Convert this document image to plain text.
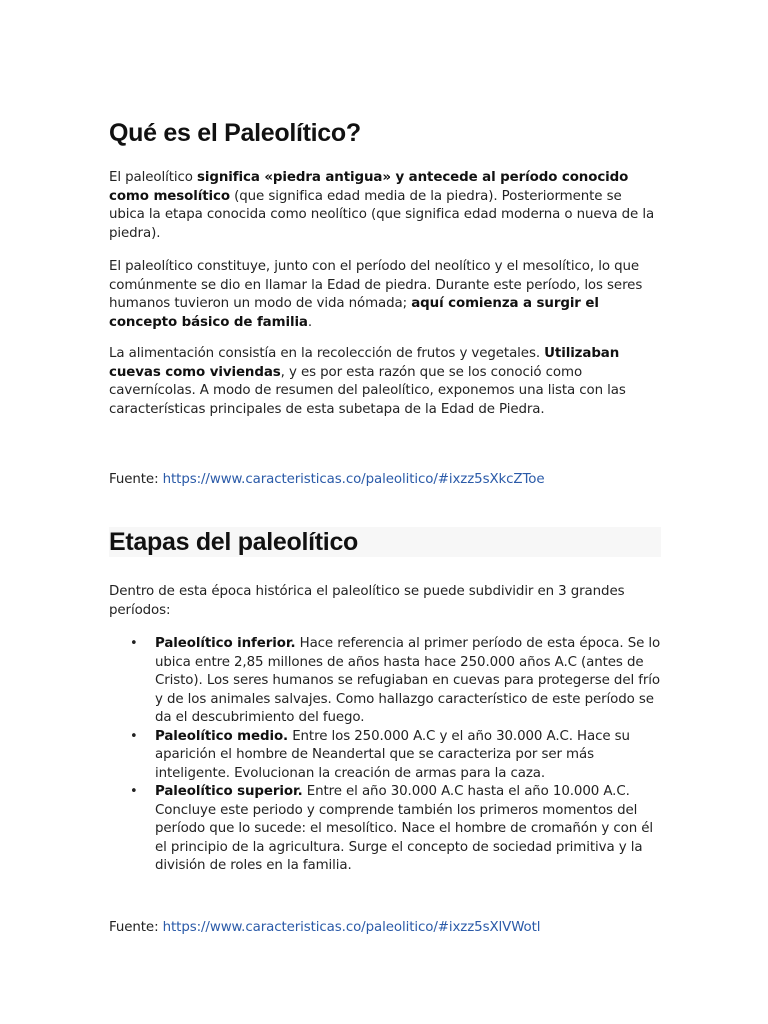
Qué es el Paleolítico?

El paleolítico significa «piedra antigua» y antecede al período conocido como mesolítico (que significa edad media de la piedra). Posteriormente se ubica la etapa conocida como neolítico (que significa edad moderna o nueva de la piedra).

El paleolítico constituye, junto con el período del neolítico y el mesolítico, lo que comúnmente se dio en llamar la Edad de piedra. Durante este período, los seres humanos tuvieron un modo de vida nómada; aquí comienza a surgir el concepto básico de familia.

La alimentación consistía en la recolección de frutos y vegetales. Utilizaban cuevas como viviendas, y es por esta razón que se los conoció como cavernícolas. A modo de resumen del paleolítico, exponemos una lista con las características principales de esta subetapa de la Edad de Piedra.

Fuente: https://www.caracteristicas.co/paleolitico/#ixzz5sXkcZToe

Etapas del paleolítico

Dentro de esta época histórica el paleolítico se puede subdividir en 3 grandes períodos:

• Paleolítico inferior. Hace referencia al primer período de esta época. Se lo ubica entre 2,85 millones de años hasta hace 250.000 años A.C (antes de Cristo). Los seres humanos se refugiaban en cuevas para protegerse del frío y de los animales salvajes. Como hallazgo característico de este período se da el descubrimiento del fuego.
• Paleolítico medio. Entre los 250.000 A.C y el año 30.000 A.C. Hace su aparición el hombre de Neandertal que se caracteriza por ser más inteligente. Evolucionan la creación de armas para la caza.
• Paleolítico superior. Entre el año 30.000 A.C hasta el año 10.000 A.C. Concluye este periodo y comprende también los primeros momentos del período que lo sucede: el mesolítico. Nace el hombre de cromañón y con él el principio de la agricultura. Surge el concepto de sociedad primitiva y la división de roles en la familia.

Fuente: https://www.caracteristicas.co/paleolitico/#ixzz5sXlVWotl
